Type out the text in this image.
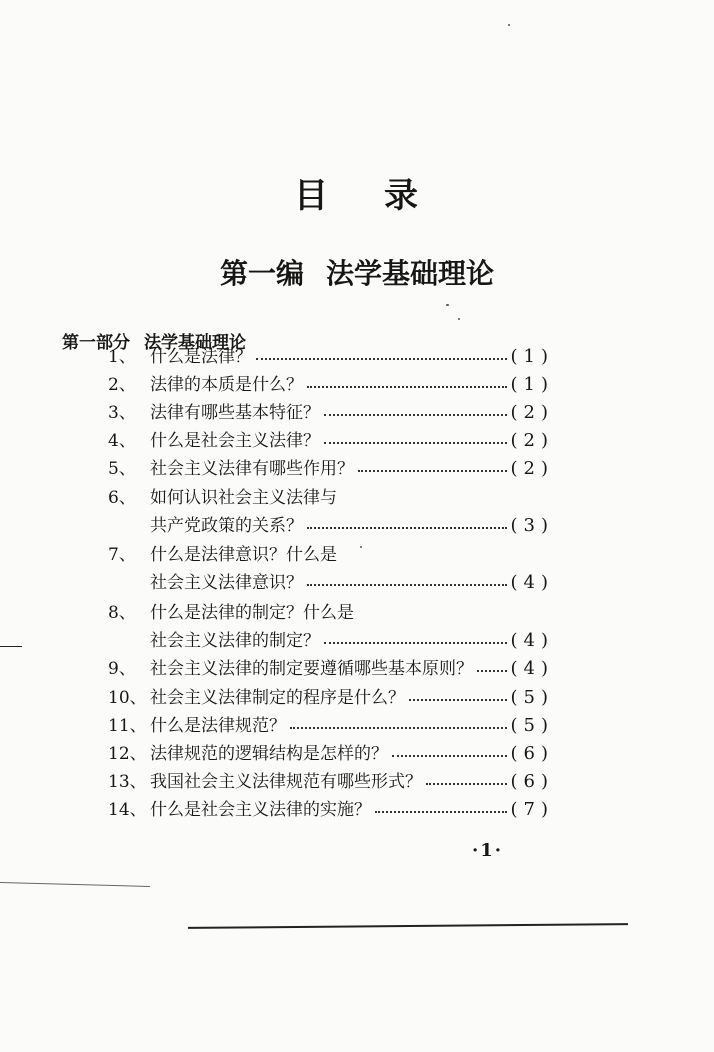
目 录
第一编 法学基础理论
第一部分 法学基础理论
1、 什么是法律？	(1)
2、 法律的本质是什么？	(1)
3、 法律有哪些基本特征？	(2)
4、 什么是社会主义法律？	(2)
5、 社会主义法律有哪些作用？	(2)
6、 如何认识社会主义法律与
共产党政策的关系？	(3)
7、 什么是法律意识？什么是
社会主义法律意识？	(4)
8、 什么是法律的制定？什么是
社会主义法律的制定？	(4)
9、 社会主义法律的制定要遵循哪些基本原则？ (4)
10、 社会主义法律制定的程序是什么？	(5)
11、 什么是法律规范？	(5)
12、 法律规范的逻辑结构是怎样的？	(6)
13、 我国社会主义法律规范有哪些形式？	(6)
14、 什么是社会主义法律的实施？	(7)
·1·
